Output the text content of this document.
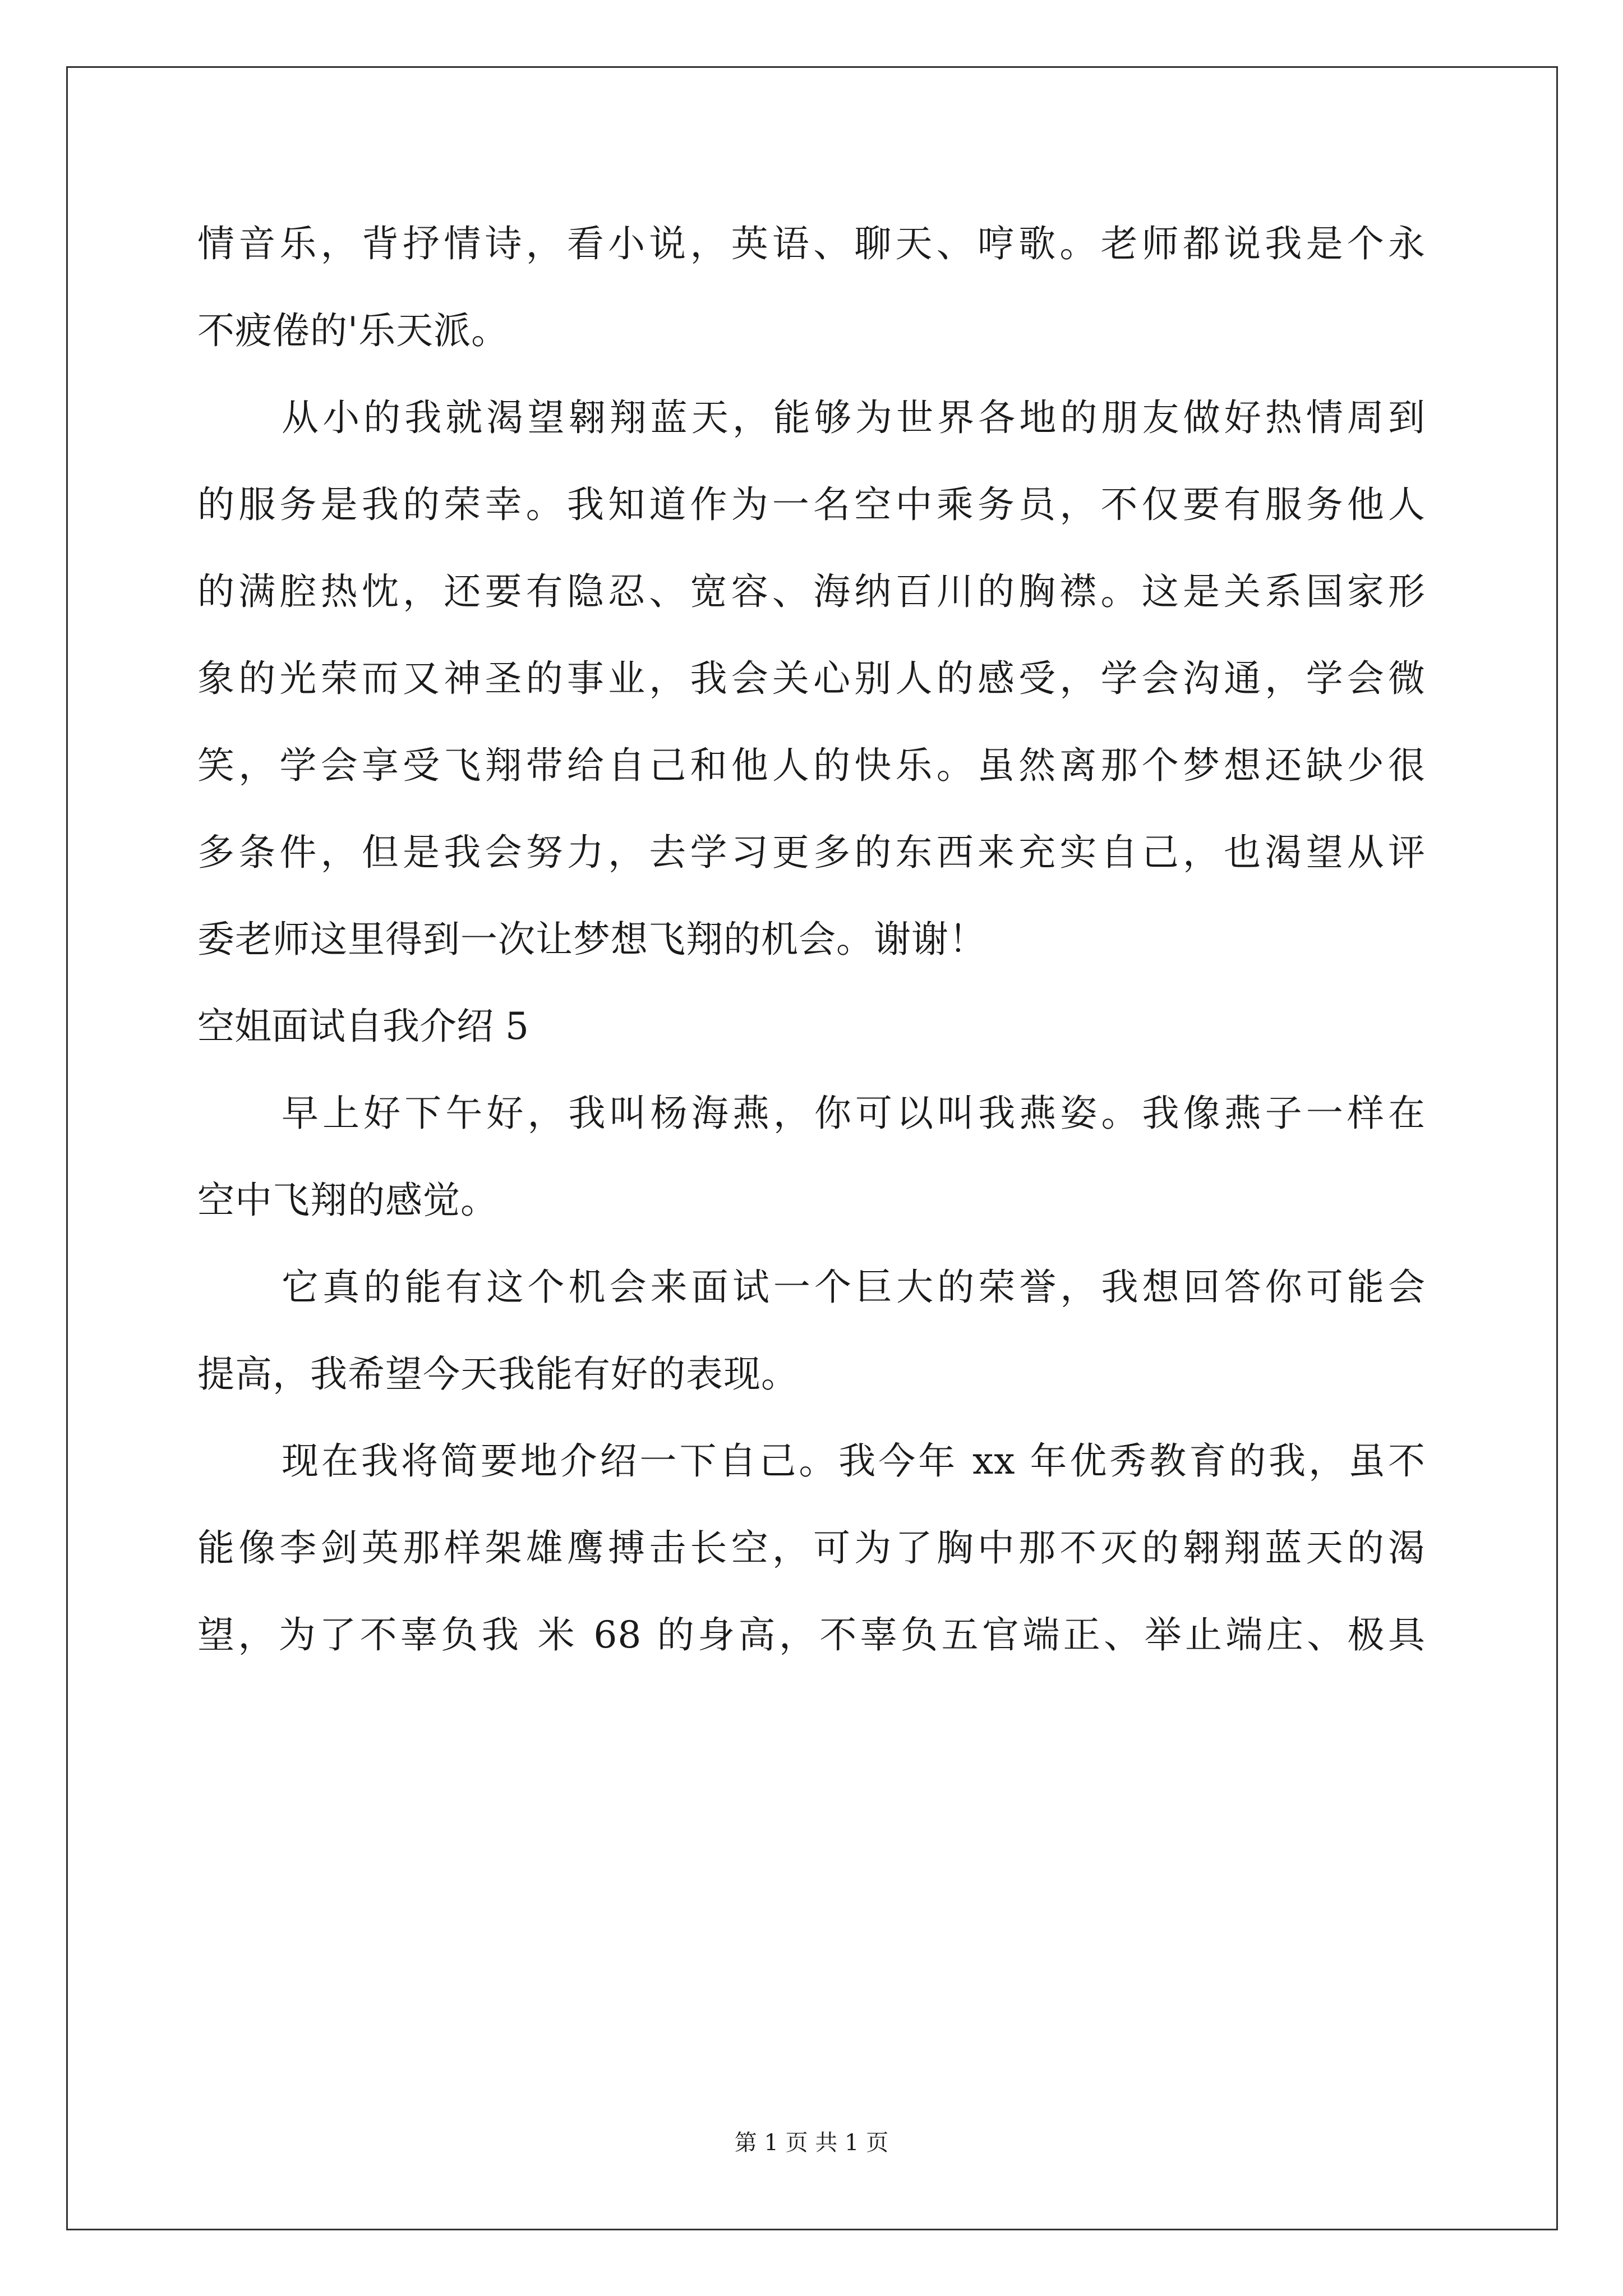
情音乐，背抒情诗，看小说，英语、聊天、哼歌。老师都说我是个永
不疲倦的'乐天派。
从小的我就渴望翱翔蓝天，能够为世界各地的朋友做好热情周到
的服务是我的荣幸。我知道作为一名空中乘务员，不仅要有服务他人
的满腔热忱，还要有隐忍、宽容、海纳百川的胸襟。这是关系国家形
象的光荣而又神圣的事业，我会关心别人的感受，学会沟通，学会微
笑，学会享受飞翔带给自己和他人的快乐。虽然离那个梦想还缺少很
多条件，但是我会努力，去学习更多的东西来充实自己，也渴望从评
委老师这里得到一次让梦想飞翔的机会。谢谢！
空姐面试自我介绍 5
早上好下午好，我叫杨海燕，你可以叫我燕姿。我像燕子一样在
空中飞翔的感觉。
它真的能有这个机会来面试一个巨大的荣誉，我想回答你可能会
提高，我希望今天我能有好的表现。
现在我将简要地介绍一下自己。我今年 xx 年优秀教育的我，虽不
能像李剑英那样架雄鹰搏击长空，可为了胸中那不灭的翱翔蓝天的渴
望，为了不辜负我 米 68 的身高，不辜负五官端正、举止端庄、极具
第 1 页 共 1 页
